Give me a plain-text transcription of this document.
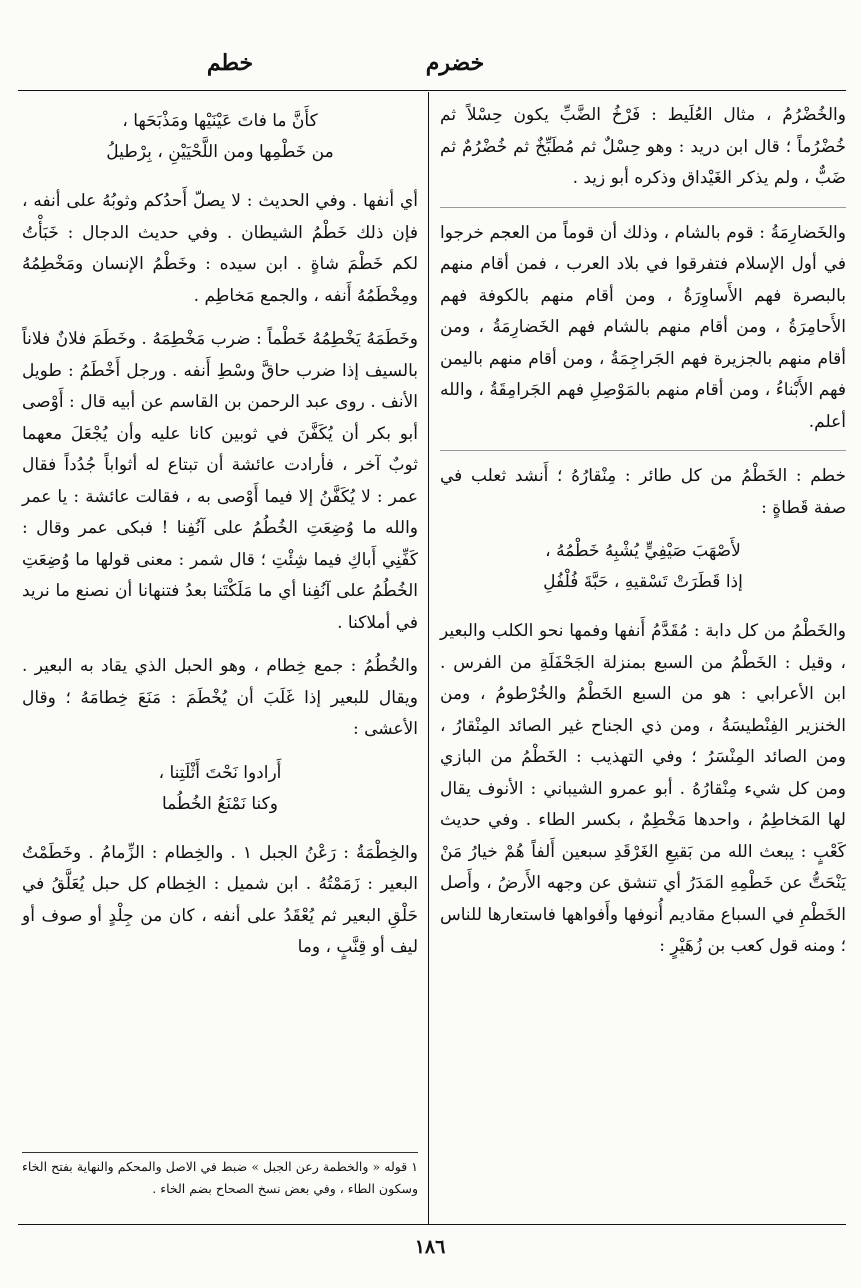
خضرم
خطم

والخُضْرُمُ ، مثال العُلَيط : فَرْخُ الضَّبِّ يكون حِسْلاً ثم خُضْرُماً ؛ قال ابن دريد : وهو حِسْلٌ ثم مُطَبِّخٌ ثم خُضْرُمٌ ثم ضَبٌّ ، ولم يذكر الغَيْداق وذكره أبو زيد .

والخَضارِمَةُ : قوم بالشام ، وذلك أن قوماً من العجم خرجوا في أول الإسلام فتفرقوا في بلاد العرب ، فمن أقام منهم بالبصرة فهم الأَساوِرَةُ ، ومن أقام منهم بالكوفة فهم الأَحامِرَةُ ، ومن أقام منهم بالشام فهم الخَضارِمَةُ ، ومن أقام منهم بالجزيرة فهم الجَراجِمَةُ ، ومن أقام منهم باليمن فهم الأَبْناءُ ، ومن أقام منهم بالمَوْصِلِ فهم الجَرامِقَةُ ، والله أعلم.

خطم : الخَطْمُ من كل طائر : مِنْقارُهُ ؛ أَنشد ثعلب في صفة قَطاةٍ :

لأَصْهَبَ صَيْفِيٍّ يُشْبِهُ خَطْمُهُ ،
إذا قَطَرَتْ تَسْقيهِ ، حَبَّةَ فُلْفُلِ

والخَطْمُ من كل دابة : مُقَدَّمُ أَنفها وفمها نحو الكلب والبعير ، وقيل : الخَطْمُ من السبع بمنزلة الجَحْفَلَةِ من الفرس . ابن الأعرابي : هو من السبع الخَطْمُ والخُرْطومُ ، ومن الخنزير الفِنْطيسَةُ ، ومن ذي الجناح غير الصائد المِنْقارُ ، ومن الصائد المِنْسَرُ ؛ وفي التهذيب : الخَطْمُ من البازي ومن كل شيء مِنْقارُهُ . أبو عمرو الشيباني : الأنوف يقال لها المَخاطِمُ ، واحدها مَخْطِمٌ ، بكسر الطاء . وفي حديث كَعْبٍ : يبعث الله من بَقيعِ الغَرْقَدِ سبعين أَلفاً هُمْ خيارُ مَنْ يَنْحَتُّ عن خَطْمِهِ المَدَرُ أي تنشق عن وجهه الأَرضُ ، وأَصل الخَطْمِ في السباع مقاديم أُنوفها وأَفواهها فاستعارها للناس ؛ ومنه قول كعب بن زُهَيْرٍ :

كأَنَّ ما فاتَ عَيْنَيْها ومَذْبَحَها ،
من خَطْمِها ومن اللَّحْيَيْنِ ، بِرْطيلُ

أي أنفها . وفي الحديث : لا يصلّ أَحدُكم وثوبُهُ على أنفه ، فإن ذلك خَطْمُ الشيطان . وفي حديث الدجال : خَبَأْتُ لكم خَطْمَ شاةٍ . ابن سيده : وخَطْمُ الإنسان ومَخْطِمُهُ ومِخْطَمُهُ أَنفه ، والجمع مَخاطِم .

وخَطَمَهُ يَخْطِمُهُ خَطْماً : ضرب مَخْطِمَهُ . وخَطَمَ فلانٌ فلاناً بالسيف إذا ضرب حاقَّ وسْطِ أَنفه . ورجل أَخْطَمُ : طويل الأنف . روى عبد الرحمن بن القاسم عن أبيه قال : أَوْصى أبو بكر أن يُكَفَّنَ في ثوبين كانا عليه وأن يُجْعَلَ معهما ثوبٌ آخر ، فأرادت عائشة أن تبتاع له أثواباً جُدُداً فقال عمر : لا يُكَفَّنُ إلا فيما أَوْصى به ، فقالت عائشة : يا عمر والله ما وُضِعَتِ الخُطُمُ على آنُفِنا ! فبكى عمر وقال : كَفِّنِي أَباكِ فيما شِئْتِ ؛ قال شمر : معنى قولها ما وُضِعَتِ الخُطُمُ على آنُفِنا أي ما مَلَكْتَنا بعدُ فتنهانا أن نصنع ما نريد في أملاكنا .

والخُطُمُ : جمع خِطام ، وهو الحبل الذي يقاد به البعير . ويقال للبعير إذا غَلَبَ أن يُخْطَمَ : مَنَعَ خِطامَهُ ؛ وقال الأعشى :

أَرادوا نَحْتَ أَثْلَتِنا ،
وكنا نَمْنَعُ الخُطُما

والخِطْمَةُ : رَعْنُ الجبل ١ . والخِطام : الزِّمامُ . وخَطَمْتُ البعير : زَمَمْتُهُ . ابن شميل : الخِطام كل حبل يُعَلَّقُ في حَلْقِ البعير ثم يُعْقَدُ على أنفه ، كان من جِلْدٍ أو صوف أو ليف أو قِنَّبٍ ، وما

١ قوله « والخطمة رعن الجبل » ضبط في الاصل والمحكم والنهاية بفتح الخاء وسكون الطاء ، وفي بعض نسخ الصحاح بضم الخاء .
١٨٦
